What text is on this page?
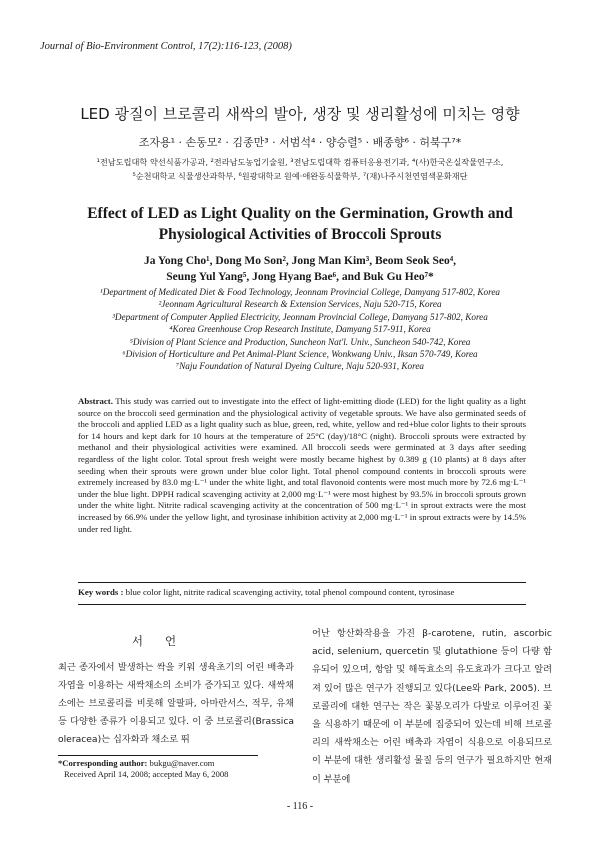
Journal of Bio-Environment Control, 17(2):116-123, (2008)
LED 광질이 브로콜리 새싹의 발아, 생장 및 생리활성에 미치는 영향
조자용¹ · 손동모² · 김종만³ · 서범석⁴ · 양승렬⁵ · 배종향⁶ · 허북구⁷*
¹전남도립대학 약선식품가공과, ²전라남도농업기술원, ³전남도립대학 컴퓨터응용전기과, ⁴(사)한국온실작물연구소,
⁵순천대학교 식물생산과학부, ⁶원광대학교 원예·애완동식물학부, ⁷(재)나주시천연염색문화재단
Effect of LED as Light Quality on the Germination, Growth and
Physiological Activities of Broccoli Sprouts
Ja Yong Cho¹, Dong Mo Son², Jong Man Kim³, Beom Seok Seo⁴,
Seung Yul Yang⁵, Jong Hyang Bae⁶, and Buk Gu Heo⁷*
¹Department of Medicated Diet & Food Technology, Jeonnam Provincial College, Damyang 517-802, Korea
²Jeonnam Agricultural Research & Extension Services, Naju 520-715, Korea
³Department of Computer Applied Electricity, Jeonnam Provincial College, Damyang 517-802, Korea
⁴Korea Greenhouse Crop Research Institute, Damyang 517-911, Korea
⁵Division of Plant Science and Production, Suncheon Nat'l. Univ., Suncheon 540-742, Korea
⁶Division of Horticulture and Pet Animal-Plant Science, Wonkwang Univ., Iksan 570-749, Korea
⁷Naju Foundation of Natural Dyeing Culture, Naju 520-931, Korea
Abstract. This study was carried out to investigate into the effect of light-emitting diode (LED) for the light quality as a light source on the broccoli seed germination and the physiological activity of vegetable sprouts. We have also germinated seeds of the broccoli and applied LED as a light quality such as blue, green, red, white, yellow and red+blue color lights to their sprouts for 14 hours and kept dark for 10 hours at the temperature of 25°C (day)/18°C (night). Broccoli sprouts were extracted by methanol and their physiological activities were examined. All broccoli seeds were germinated at 3 days after seeding regardless of the light color. Total sprout fresh weight were mostly became highest by 0.389 g (10 plants) at 8 days after seeding when their sprouts were grown under blue color light. Total phenol compound contents in broccoli sprouts were extremely increased by 83.0 mg·L⁻¹ under the white light, and total flavonoid contents were most much more by 72.6 mg·L⁻¹ under the blue light. DPPH radical scavenging activity at 2,000 mg·L⁻¹ were most highest by 93.5% in broccoli sprouts grown under the white light. Nitrite radical scavenging activity at the concentration of 500 mg·L⁻¹ in sprout extracts were the most increased by 66.9% under the yellow light, and tyrosinase inhibition activity at 2,000 mg·L⁻¹ in sprout extracts were by 14.5% under red light.
Key words : blue color light, nitrite radical scavenging activity, total phenol compound content, tyrosinase
서언
최근 종자에서 발생하는 싹을 키워 생육초기의 어린 배축과 자엽을 이용하는 새싹채소의 소비가 증가되고 있다. 새싹채소에는 브로콜리를 비롯해 알팔파, 아마란서스, 적무, 유채 등 다양한 종류가 이용되고 있다. 이 중 브로콜리(Brassica oleracea)는 십자화과 채소로 뛰
어난 항산화작용을 가진 β-carotene, rutin, ascorbic acid, selenium, quercetin 및 glutathione 등이 다량 함유되어 있으며, 항암 및 해독효소의 유도효과가 크다고 알려져 있어 많은 연구가 진행되고 있다(Lee와 Park, 2005). 브로콜리에 대한 연구는 작은 꽃봉오리가 다발로 이루어진 꽃을 식용하기 때문에 이 부분에 집중되어 있는데 비해 브로콜리의 새싹채소는 어린 배축과 자엽이 식용으로 이용되므로 이 부분에 대한 생리활성 물질 등의 연구가 필요하지만 현재 이 부분에
*Corresponding author: bukgu@naver.com
Received April 14, 2008; accepted May 6, 2008
- 116 -
